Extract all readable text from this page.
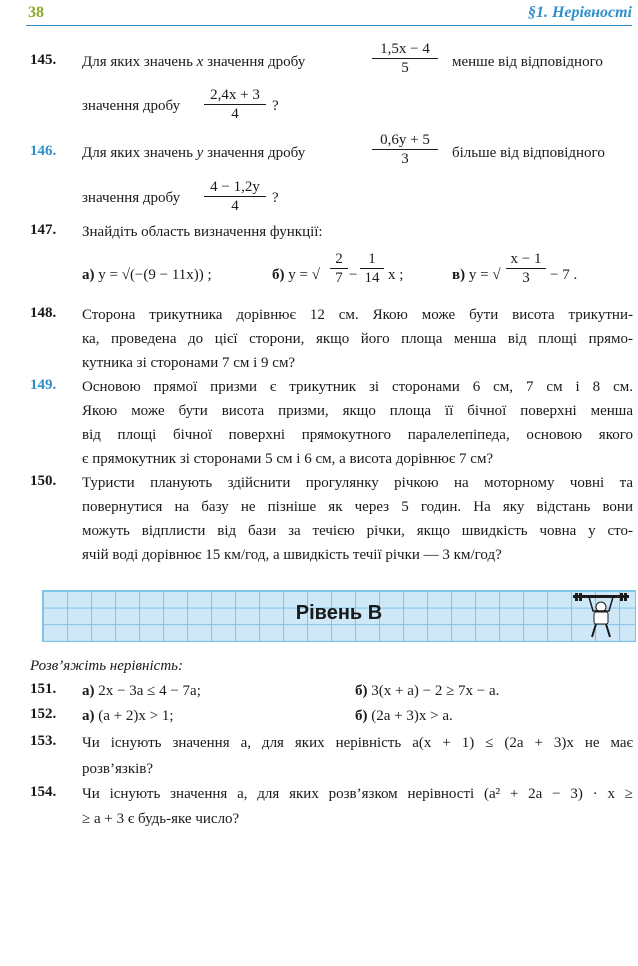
38	§1. Нерівності
145. Для яких значень x значення дробу
1,5x − 4
5	менше від відповідного
значення дробу
2,4x + 3
4	?
146. Для яких значень y значення дробу
0,6y + 5
3	більше від відповідного
значення дробу
4 − 1,2y
4	?
147. Знайдіть область визначення функції:
а) y = √(−(9 − 11x)) ;	б) y = √
2
7 −
1
14 x ;	в) y = √
x − 1
3	− 7 .
148. Сторона трикутника дорівнює 12 см. Якою може бути висота трикутни-
ка, проведена до цієї сторони, якщо його площа менша від площі прямо-
кутника зі сторонами 7 см і 9 см?
149. Основою прямої призми є трикутник зі сторонами 6 см, 7 см і 8 см.
Якою може бути висота призми, якщо площа її бічної поверхні менша
від площі бічної поверхні прямокутного паралелепіпеда, основою якого
є прямокутник зі сторонами 5 см і 6 см, а висота дорівнює 7 см?
150. Туристи планують здійснити прогулянку річкою на моторному човні та
повернутися на базу не пізніше як через 5 годин. На яку відстань вони
можуть відплисти від бази за течією річки, якщо швидкість човна у сто-
ячій воді дорівнює 15 км/год, а швидкість течії річки — 3 км/год?
Рівень В
Розв’яжіть нерівність:
151. а) 2x − 3a ≤ 4 − 7a;	б) 3(x + a) − 2 ≥ 7x − a.
152. а) (a + 2)x > 1;	б) (2a + 3)x > a.
153. Чи існують значення a, для яких нерівність a(x + 1) ≤ (2a + 3)x не має
розв’язків?
154. Чи існують значення a, для яких розв’язком нерівності (a² + 2a − 3) · x ≥
≥ a + 3 є будь-яке число?
